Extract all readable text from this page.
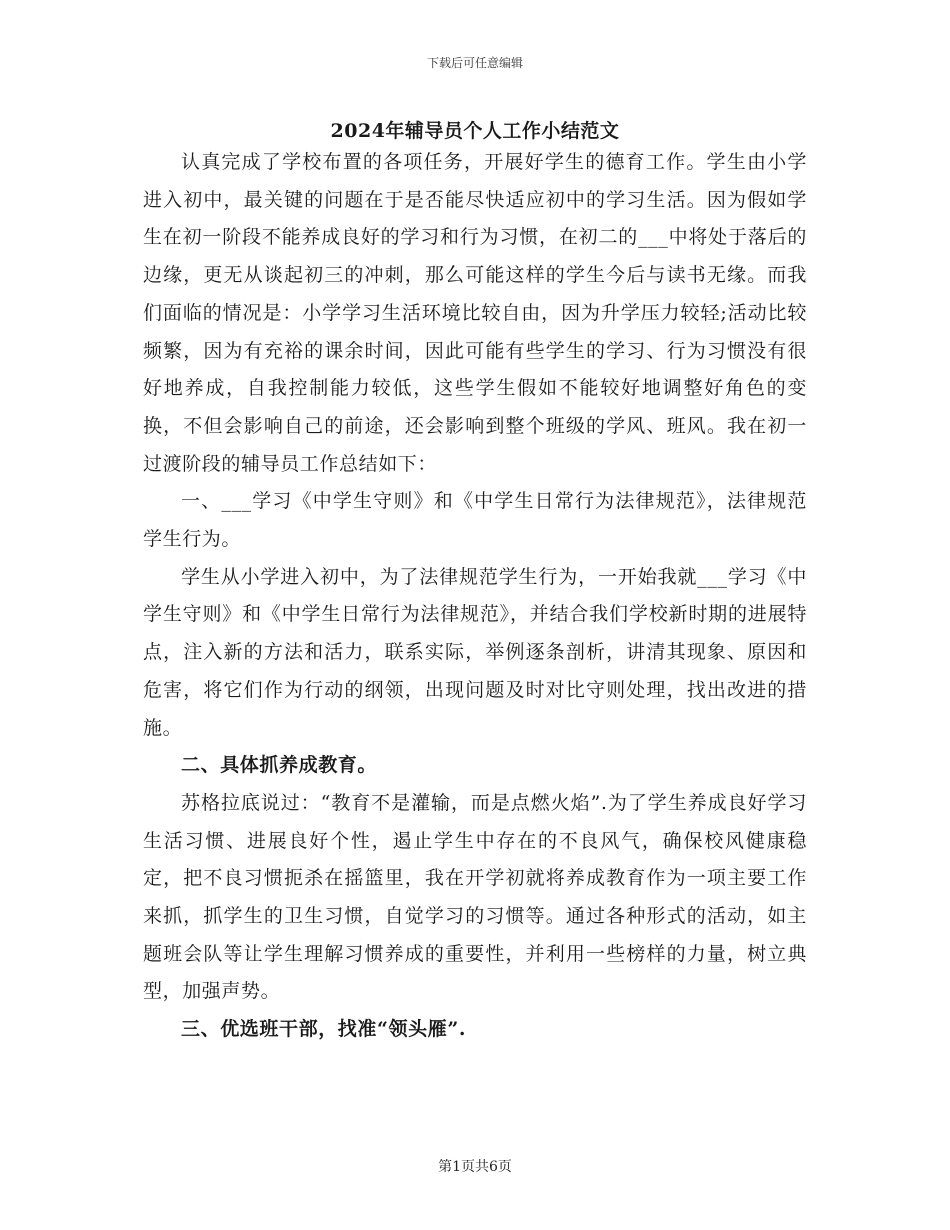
下载后可任意编辑
2024年辅导员个人工作小结范文

认真完成了学校布置的各项任务，开展好学生的德育工作。学生由小学进入初中，最关键的问题在于是否能尽快适应初中的学习生活。因为假如学生在初一阶段不能养成良好的学习和行为习惯，在初二的___中将处于落后的边缘，更无从谈起初三的冲刺，那么可能这样的学生今后与读书无缘。而我们面临的情况是：小学学习生活环境比较自由，因为升学压力较轻;活动比较频繁，因为有充裕的课余时间，因此可能有些学生的学习、行为习惯没有很好地养成，自我控制能力较低，这些学生假如不能较好地调整好角色的变换，不但会影响自己的前途，还会影响到整个班级的学风、班风。我在初一过渡阶段的辅导员工作总结如下：

一、___学习《中学生守则》和《中学生日常行为法律规范》，法律规范学生行为。

学生从小学进入初中，为了法律规范学生行为，一开始我就___学习《中学生守则》和《中学生日常行为法律规范》，并结合我们学校新时期的进展特点，注入新的方法和活力，联系实际，举例逐条剖析，讲清其现象、原因和危害，将它们作为行动的纲领，出现问题及时对比守则处理，找出改进的措施。

二、具体抓养成教育。

苏格拉底说过：“教育不是灌输，而是点燃火焰”.为了学生养成良好学习生活习惯、进展良好个性，遏止学生中存在的不良风气，确保校风健康稳定，把不良习惯扼杀在摇篮里，我在开学初就将养成教育作为一项主要工作来抓，抓学生的卫生习惯，自觉学习的习惯等。通过各种形式的活动，如主题班会队等让学生理解习惯养成的重要性，并利用一些榜样的力量，树立典型，加强声势。

三、优选班干部，找准“领头雁”.

第1页共6页
